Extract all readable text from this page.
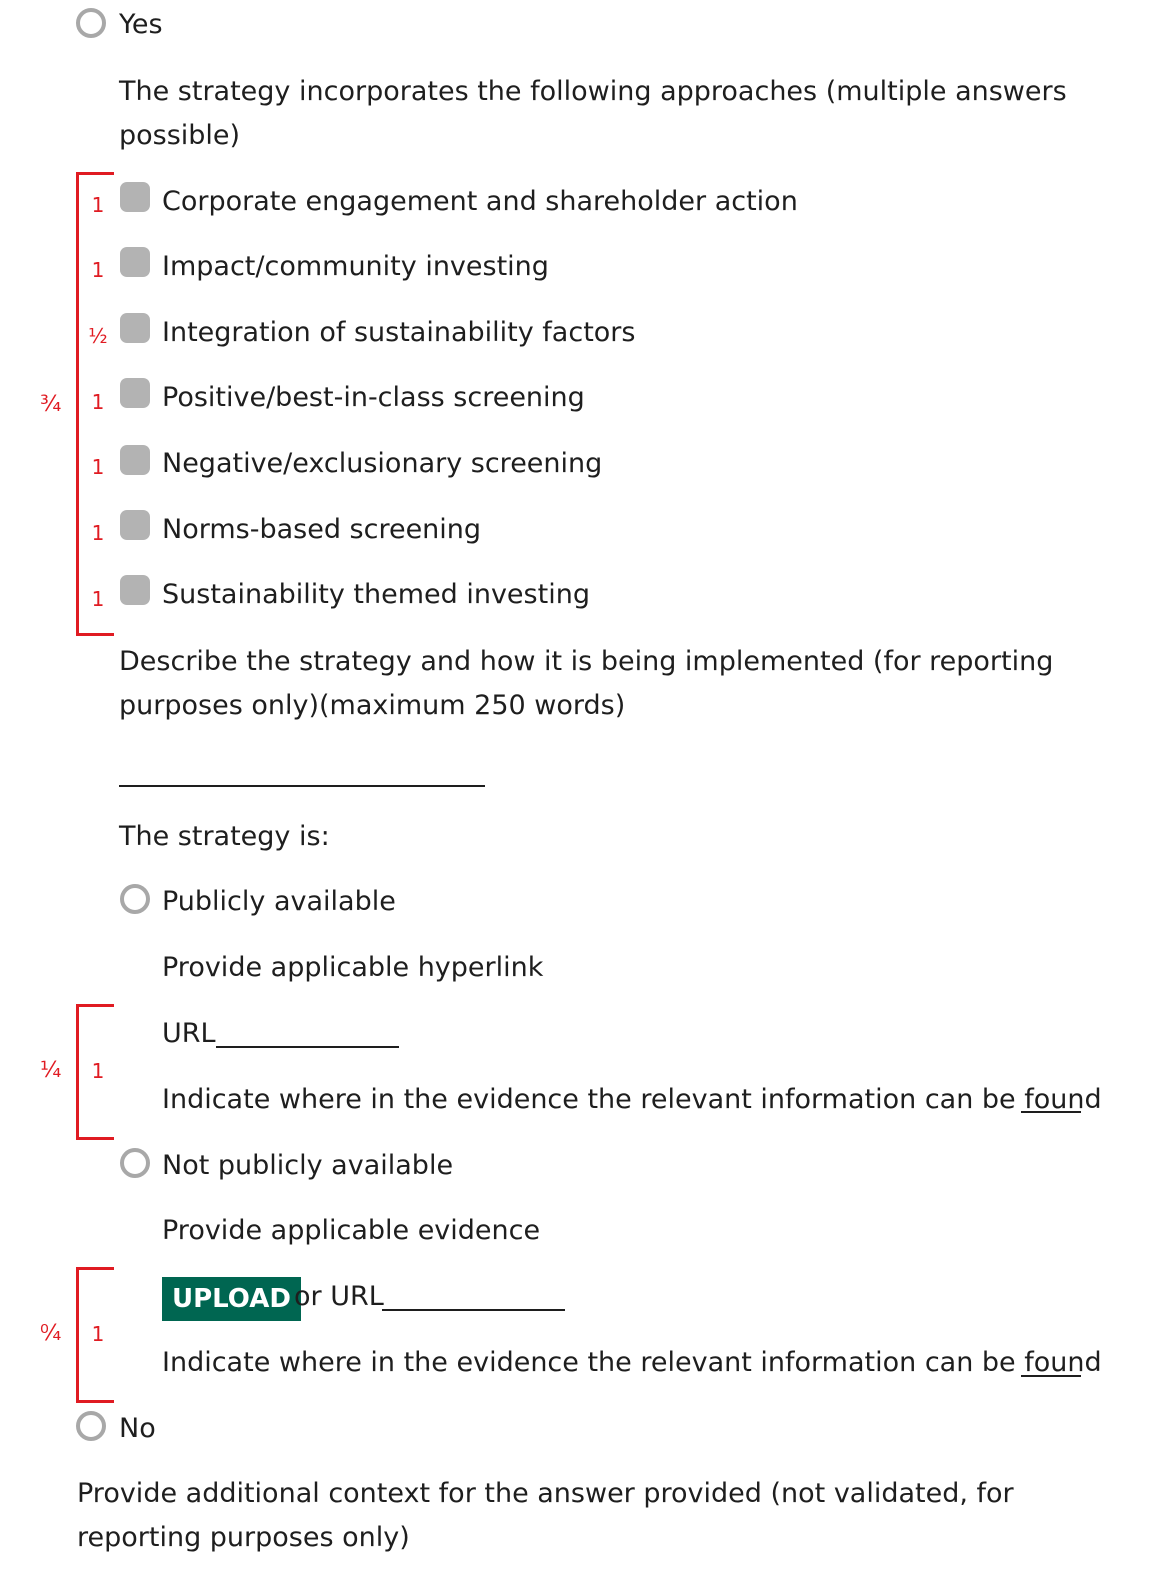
Yes
The strategy incorporates the following approaches (multiple answers possible)
¾
1 Corporate engagement and shareholder action
1 Impact/community investing
½ Integration of sustainability factors
1 Positive/best-in-class screening
1 Negative/exclusionary screening
1 Norms-based screening
1 Sustainability themed investing
Describe the strategy and how it is being implemented (for reporting purposes only)(maximum 250 words)
The strategy is:
Publicly available
Provide applicable hyperlink
¼ 1
URL
Indicate where in the evidence the relevant information can be found
Not publicly available
Provide applicable evidence
⁰⁄₄ 1
UPLOAD or URL
Indicate where in the evidence the relevant information can be found
No
Provide additional context for the answer provided (not validated, for reporting purposes only)
